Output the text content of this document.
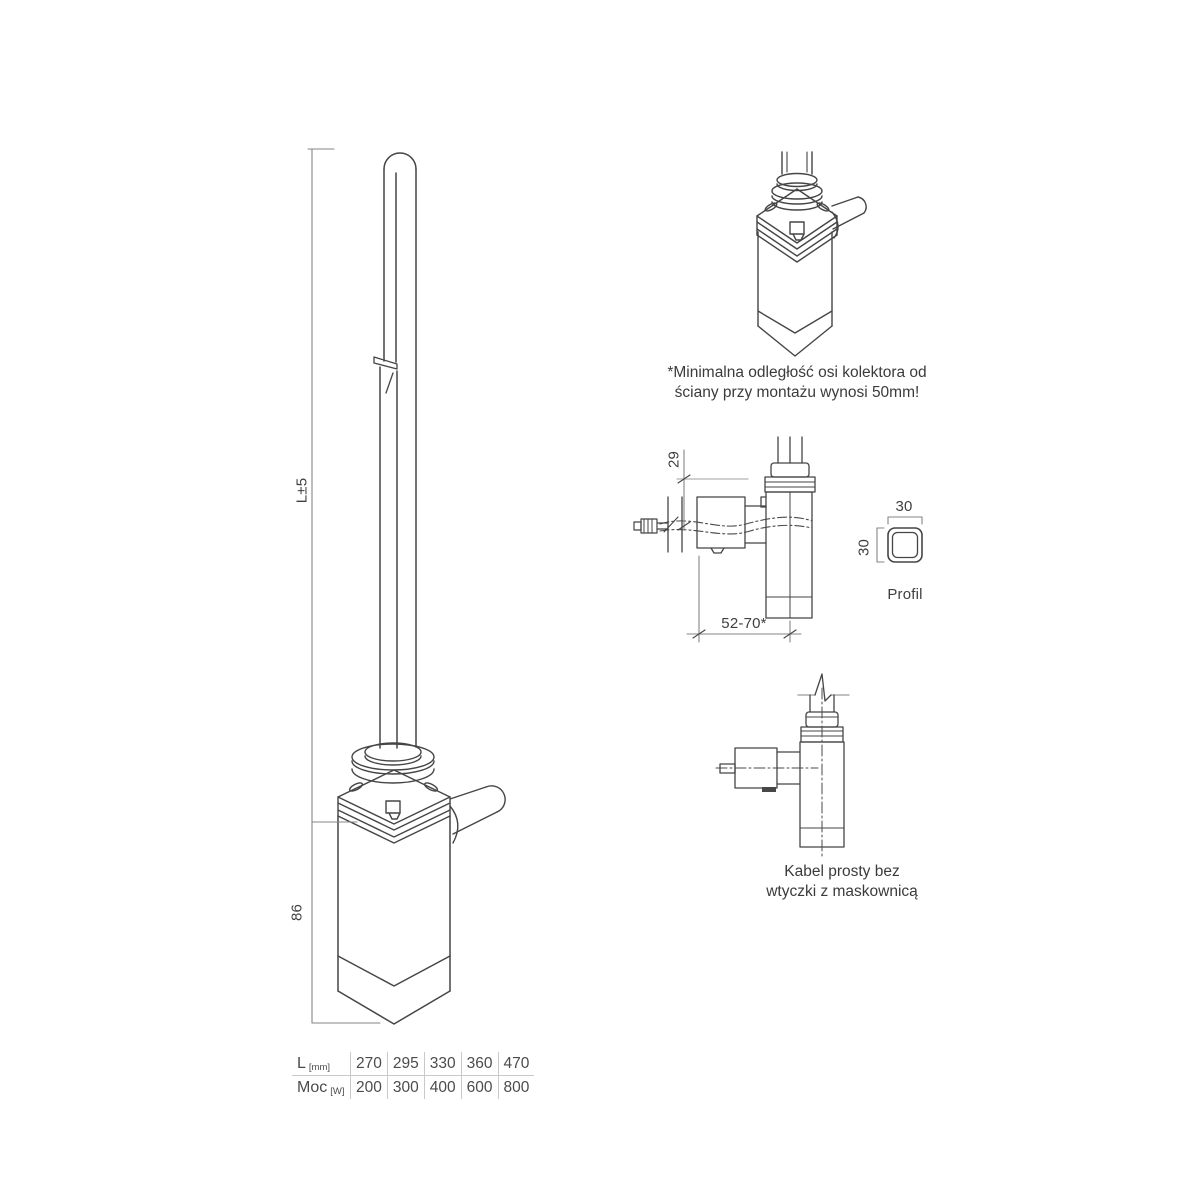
L±5
86
*Minimalna odległość osi kolektora od
ściany przy montażu wynosi 50mm!
29
52-70*
30
30
Profil
Kabel prosty bez
wtyczki z maskownicą
L [mm]	270	295	330	360	470
Moc [W]	200	300	400	600	800
